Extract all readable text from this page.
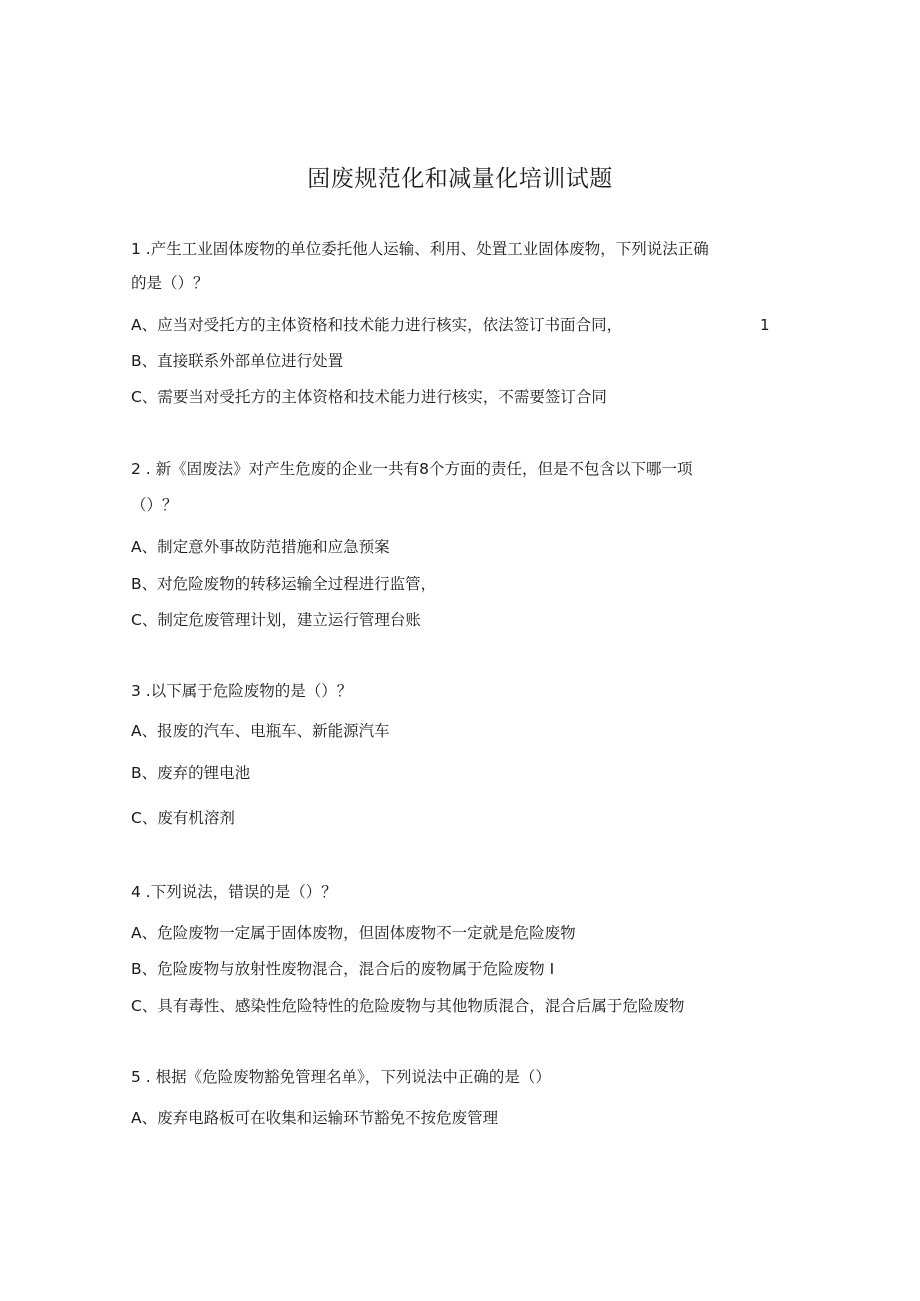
固废规范化和减量化培训试题
1
1 .产生工业固体废物的单位委托他人运输、利用、处置工业固体废物，下列说法正确
的是（）？
A、应当对受托方的主体资格和技术能力进行核实，依法签订书面合同，
B、直接联系外部单位进行处置
C、需要当对受托方的主体资格和技术能力进行核实，不需要签订合同
2 . 新《固废法》对产生危废的企业一共有8个方面的责任，但是不包含以下哪一项
（）？
A、制定意外事故防范措施和应急预案
B、对危险废物的转移运输全过程进行监管，
C、制定危废管理计划，建立运行管理台账
3 .以下属于危险废物的是（）？
A、报废的汽车、电瓶车、新能源汽车
B、废弃的锂电池
C、废有机溶剂
4 .下列说法，错误的是（）？
A、危险废物一定属于固体废物，但固体废物不一定就是危险废物
B、危险废物与放射性废物混合，混合后的废物属于危险废物 I
C、具有毒性、感染性危险特性的危险废物与其他物质混合，混合后属于危险废物
5 . 根据《危险废物豁免管理名单》，下列说法中正确的是（）
A、废弃电路板可在收集和运输环节豁免不按危废管理
